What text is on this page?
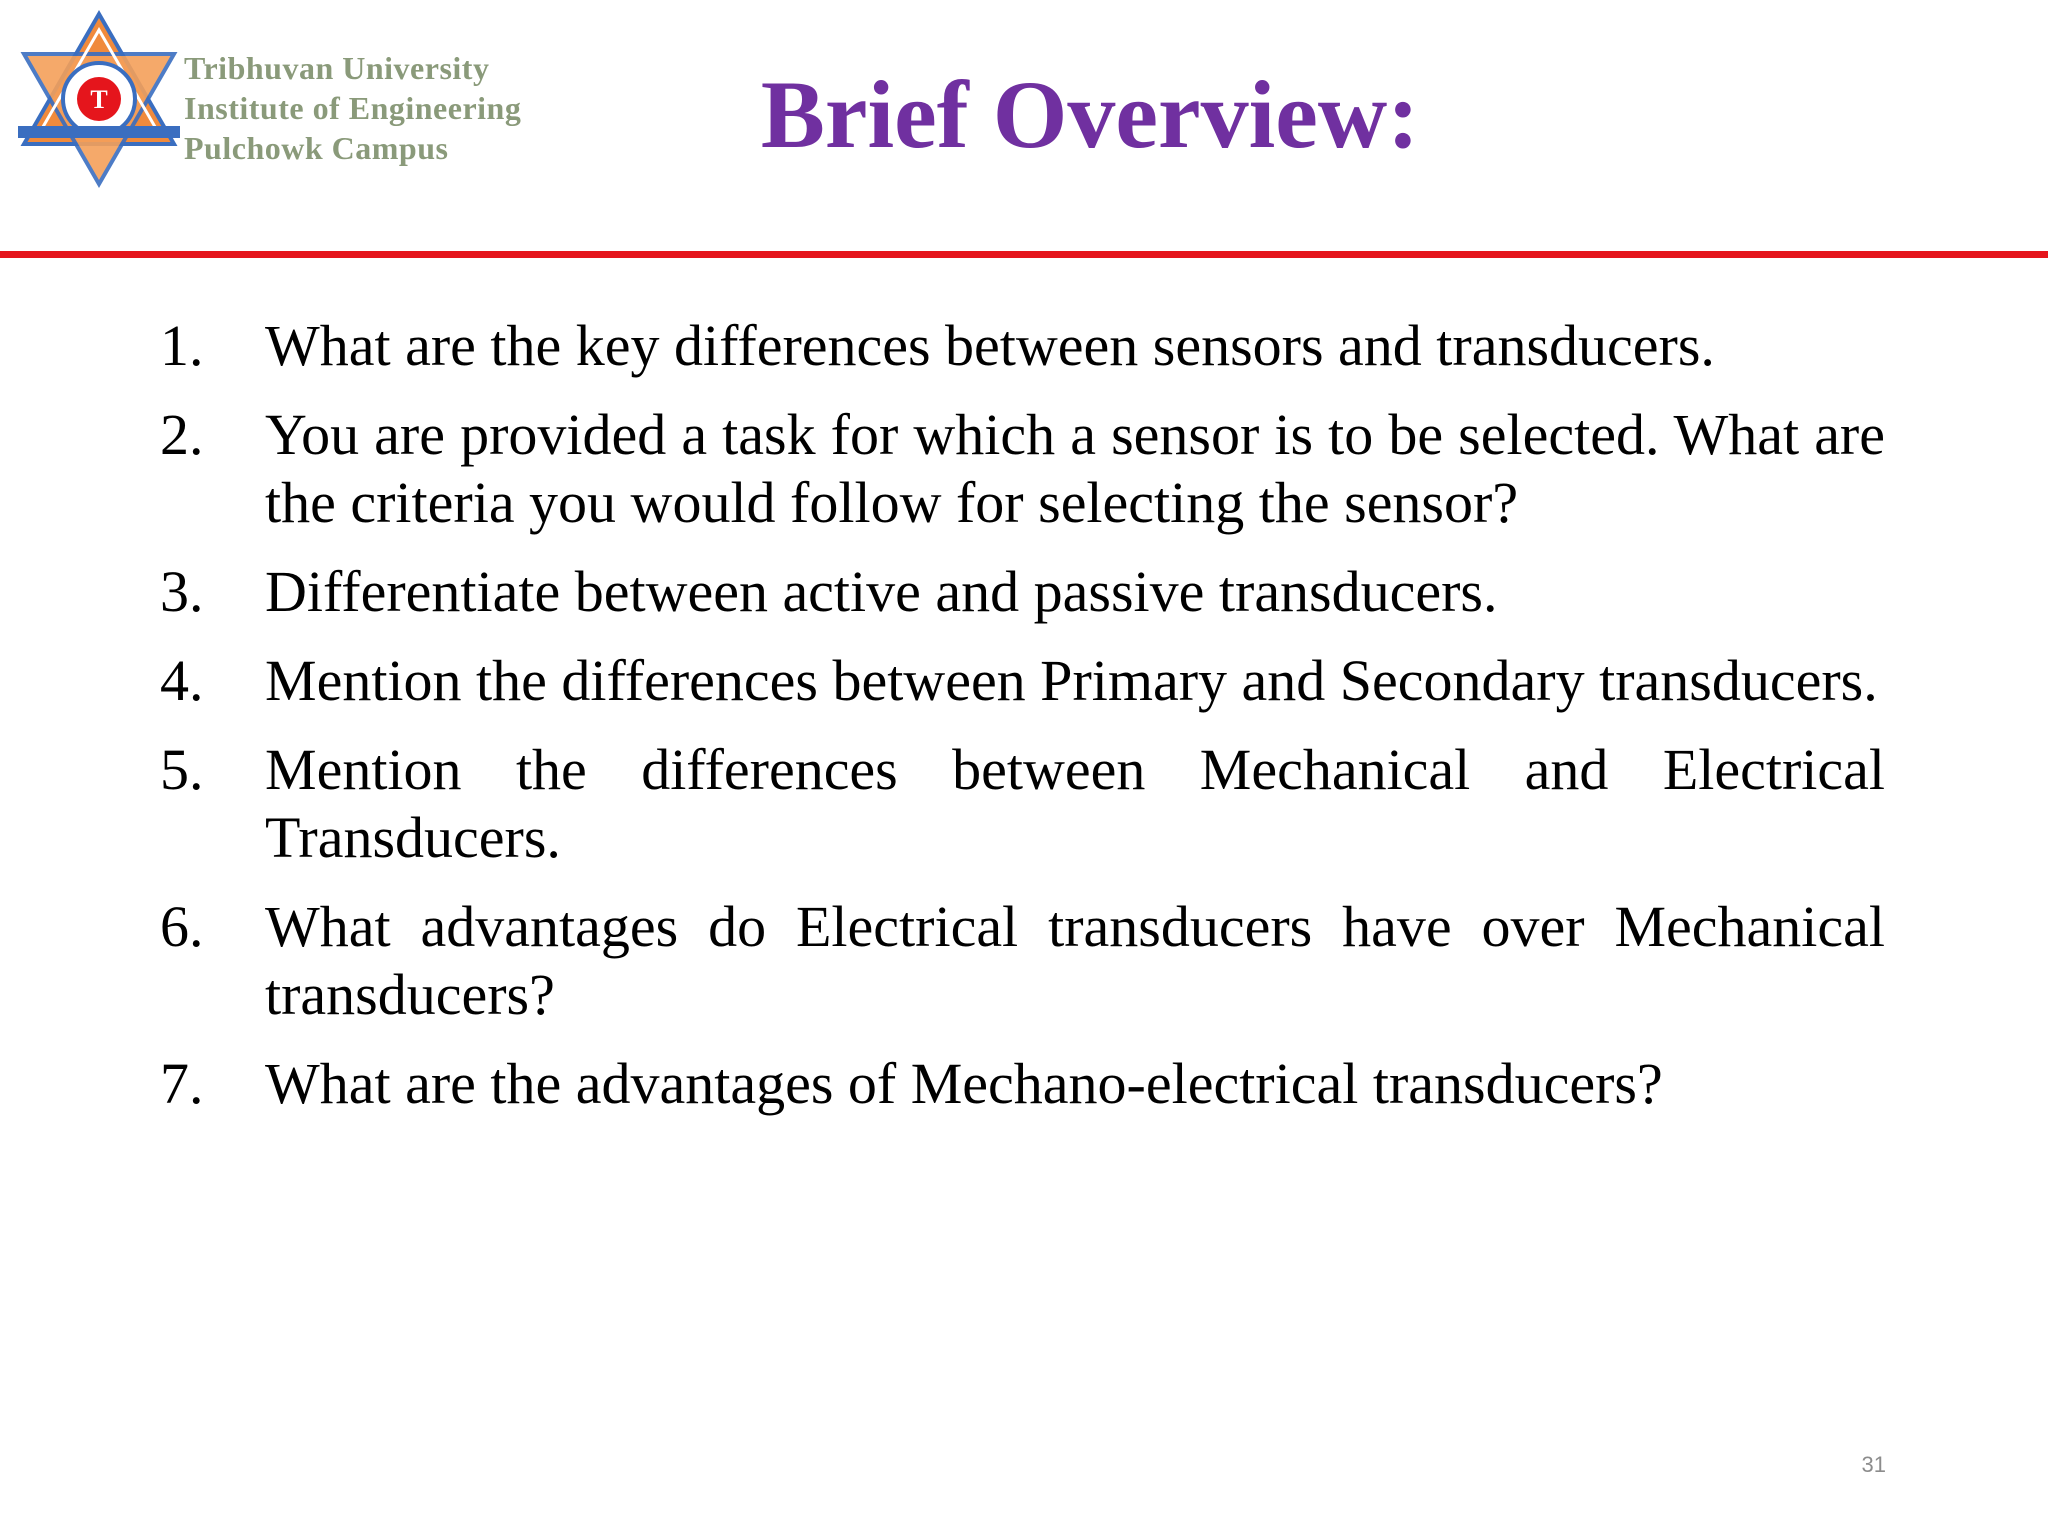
T
Tribhuvan University
Institute of Engineering
Pulchowk Campus	Brief Overview:
1. What are the key differences between sensors and transducers.
2. You are provided a task for which a sensor is to be selected. What are the criteria you would follow for selecting the sensor?
3. Differentiate between active and passive transducers.
4. Mention the differences between Primary and Secondary transducers.
5. Mention the differences between Mechanical and Electrical Transducers.
6. What advantages do Electrical transducers have over Mechanical transducers?
7. What are the advantages of Mechano-electrical transducers?
31
